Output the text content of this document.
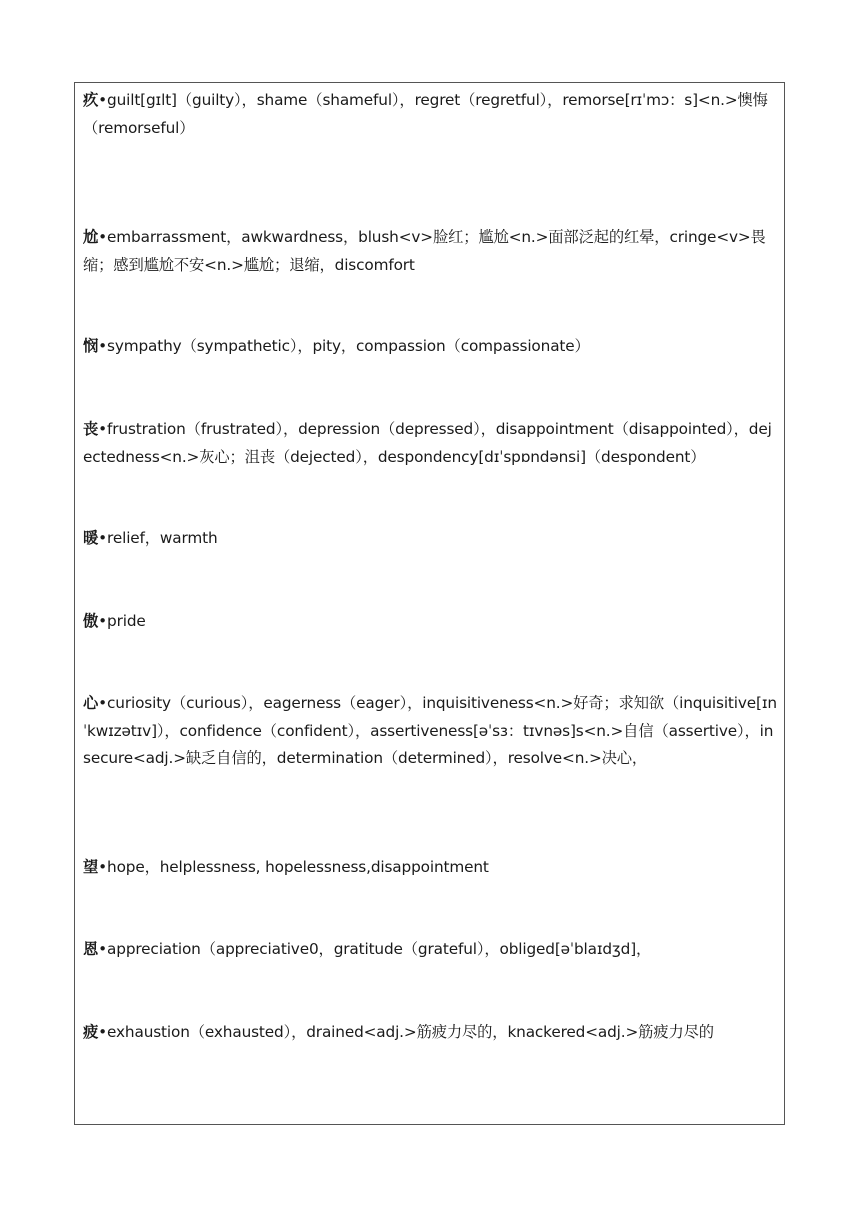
疚•guilt[gɪlt]（guilty），shame（shameful），regret（regretful），remorse[rɪˈmɔ：s]<n.>懊悔（remorseful）
尬•embarrassment，awkwardness，blush<v>脸红；尴尬<n.>面部泛起的红晕，cringe<v>畏缩；感到尴尬不安<n.>尴尬；退缩，discomfort
悯•sympathy（sympathetic），pity，compassion（compassionate）
丧•frustration（frustrated），depression（depressed），disappointment（disappointed），dejectedness<n.>灰心；沮丧（dejected），despondency[dɪˈspɒndənsi]（despondent）
暖•relief，warmth
傲•pride
心•curiosity（curious），eagerness（eager），inquisitiveness<n.>好奇；求知欲（inquisitive[ɪnˈkwɪzətɪv]），confidence（confident），assertiveness[əˈsɜ：tɪvnəs]s<n.>自信（assertive），insecure<adj.>缺乏自信的，determination（determined），resolve<n.>决心，
望•hope，helplessness, hopelessness,disappointment
恩•appreciation（appreciative0，gratitude（grateful），obliged[əˈblaɪdʒd]，
疲•exhaustion（exhausted），drained<adj.>筋疲力尽的，knackered<adj.>筋疲力尽的
